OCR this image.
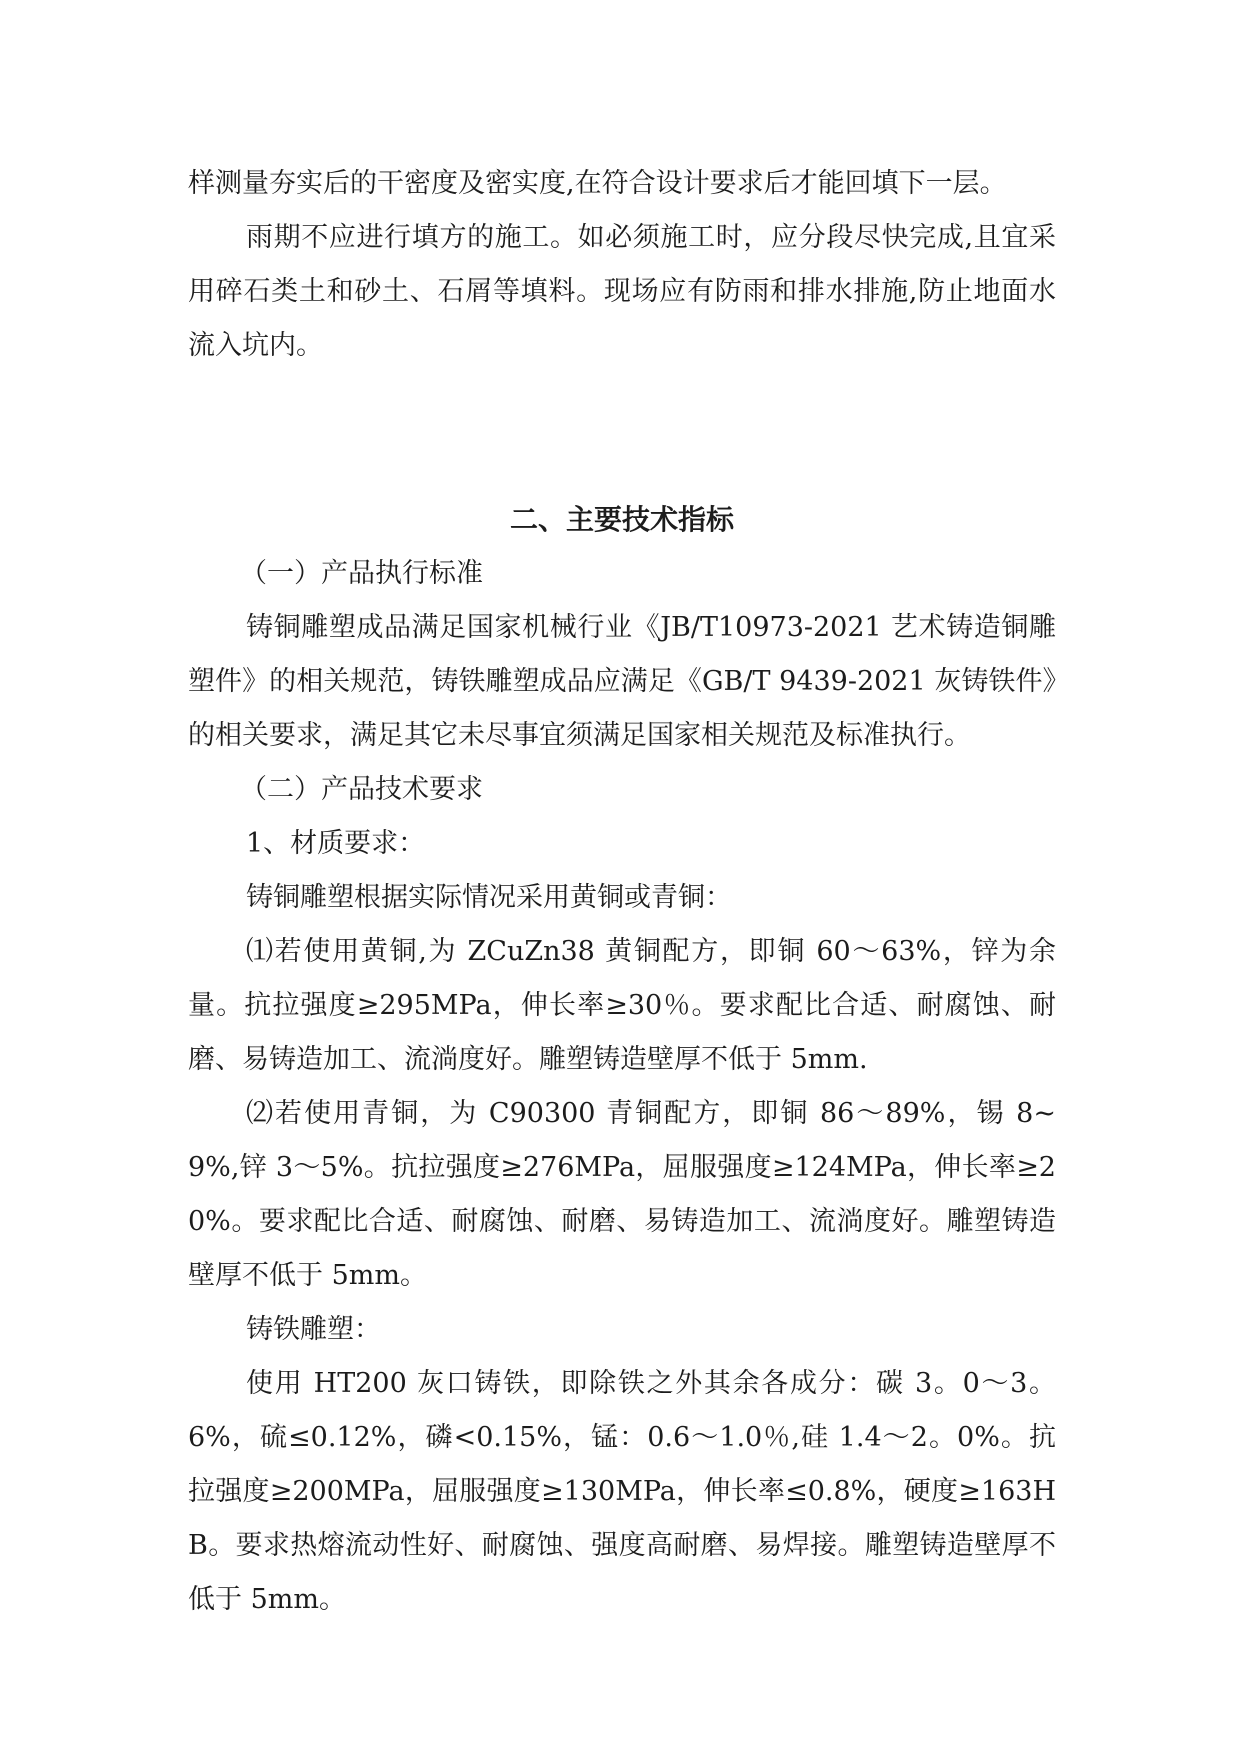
样测量夯实后的干密度及密实度,在符合设计要求后才能回填下一层。

雨期不应进行填方的施工。如必须施工时，应分段尽快完成,且宜采用碎石类土和砂土、石屑等填料。现场应有防雨和排水排施,防止地面水流入坑内。

二、主要技术指标

（一）产品执行标准

铸铜雕塑成品满足国家机械行业《JB/T10973-2021 艺术铸造铜雕塑件》的相关规范，铸铁雕塑成品应满足《GB/T 9439-2021 灰铸铁件》的相关要求，满足其它未尽事宜须满足国家相关规范及标准执行。

（二）产品技术要求

1、材质要求：

铸铜雕塑根据实际情况采用黄铜或青铜：

⑴若使用黄铜,为 ZCuZn38 黄铜配方，即铜 60～63%，锌为余量。抗拉强度≥295MPa，伸长率≥30％。要求配比合适、耐腐蚀、耐磨、易铸造加工、流淌度好。雕塑铸造壁厚不低于 5mm.

⑵若使用青铜，为 C90300 青铜配方，即铜 86～89%，锡 8~9%,锌 3～5%。抗拉强度≥276MPa，屈服强度≥124MPa，伸长率≥20%。要求配比合适、耐腐蚀、耐磨、易铸造加工、流淌度好。雕塑铸造壁厚不低于 5mm。

铸铁雕塑：

使用 HT200 灰口铸铁，即除铁之外其余各成分：碳 3。0～3。6%，硫≤0.12%，磷<0.15%，锰：0.6～1.0％,硅 1.4～2。0%。抗拉强度≥200MPa，屈服强度≥130MPa，伸长率≤0.8%，硬度≥163HB。要求热熔流动性好、耐腐蚀、强度高耐磨、易焊接。雕塑铸造壁厚不低于 5mm。
